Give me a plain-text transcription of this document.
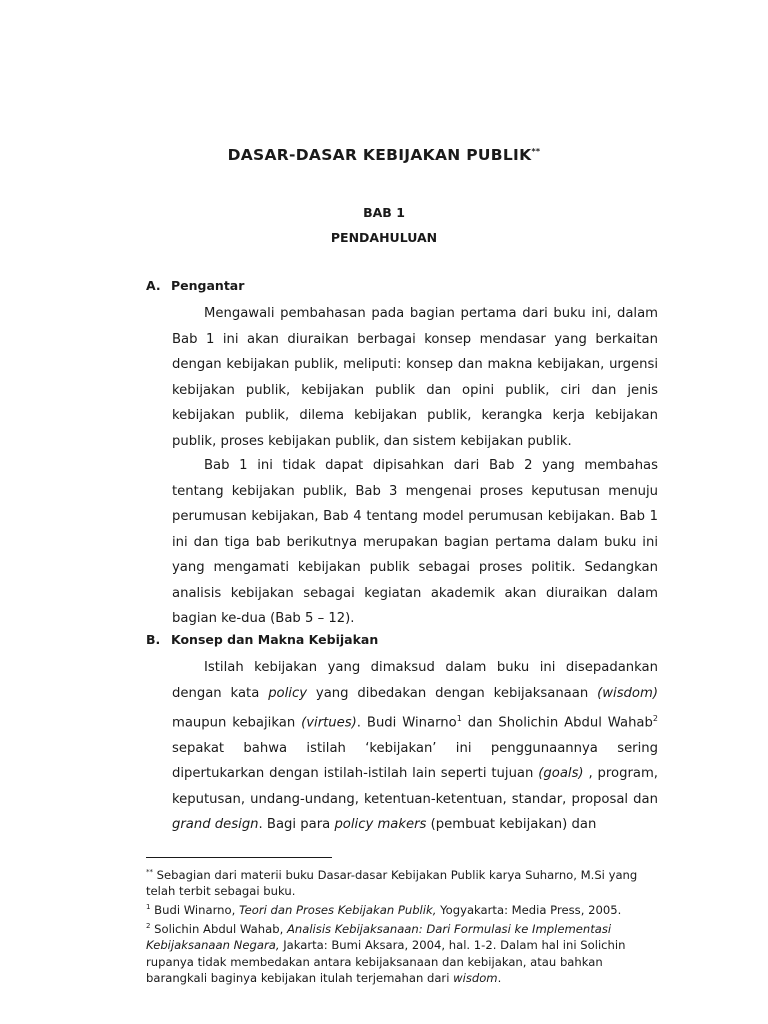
DASAR-DASAR KEBIJAKAN PUBLIK**
BAB 1
PENDAHULUAN
A. Pengantar
Mengawali pembahasan pada bagian pertama dari buku ini, dalam Bab 1 ini akan diuraikan berbagai konsep mendasar yang berkaitan dengan kebijakan publik, meliputi: konsep dan makna kebijakan, urgensi kebijakan publik, kebijakan publik dan opini publik, ciri dan jenis kebijakan publik, dilema kebijakan publik, kerangka kerja kebijakan publik, proses kebijakan publik, dan sistem kebijakan publik.
Bab 1 ini tidak dapat dipisahkan dari Bab 2 yang membahas tentang kebijakan publik, Bab 3 mengenai proses keputusan menuju perumusan kebijakan, Bab 4 tentang model perumusan kebijakan. Bab 1 ini dan tiga bab berikutnya merupakan bagian pertama dalam buku ini yang mengamati kebijakan publik sebagai proses politik. Sedangkan analisis kebijakan sebagai kegiatan akademik akan diuraikan dalam bagian ke-dua (Bab 5 – 12).
B. Konsep dan Makna Kebijakan
Istilah kebijakan yang dimaksud dalam buku ini disepadankan dengan kata policy yang dibedakan dengan kebijaksanaan (wisdom) maupun kebajikan (virtues). Budi Winarno$^1$ dan Sholichin Abdul Wahab$^2$ sepakat bahwa istilah ‘kebijakan’ ini penggunaannya sering dipertukarkan dengan istilah-istilah lain seperti tujuan (goals) , program, keputusan, undang-undang, ketentuan-ketentuan, standar, proposal dan grand design. Bagi para policy makers (pembuat kebijakan) dan

** Sebagian dari materii buku Dasar-dasar Kebijakan Publik karya Suharno, M.Si yang telah terbit sebagai buku.

$^1$ Budi Winarno, Teori dan Proses Kebijakan Publik, Yogyakarta: Media Press, 2005.

$^2$ Solichin Abdul Wahab, Analisis Kebijaksanaan: Dari Formulasi ke Implementasi Kebijaksanaan Negara, Jakarta: Bumi Aksara, 2004, hal. 1-2. Dalam hal ini Solichin rupanya tidak membedakan antara kebijaksanaan dan kebijakan, atau bahkan barangkali baginya kebijakan itulah terjemahan dari wisdom.
